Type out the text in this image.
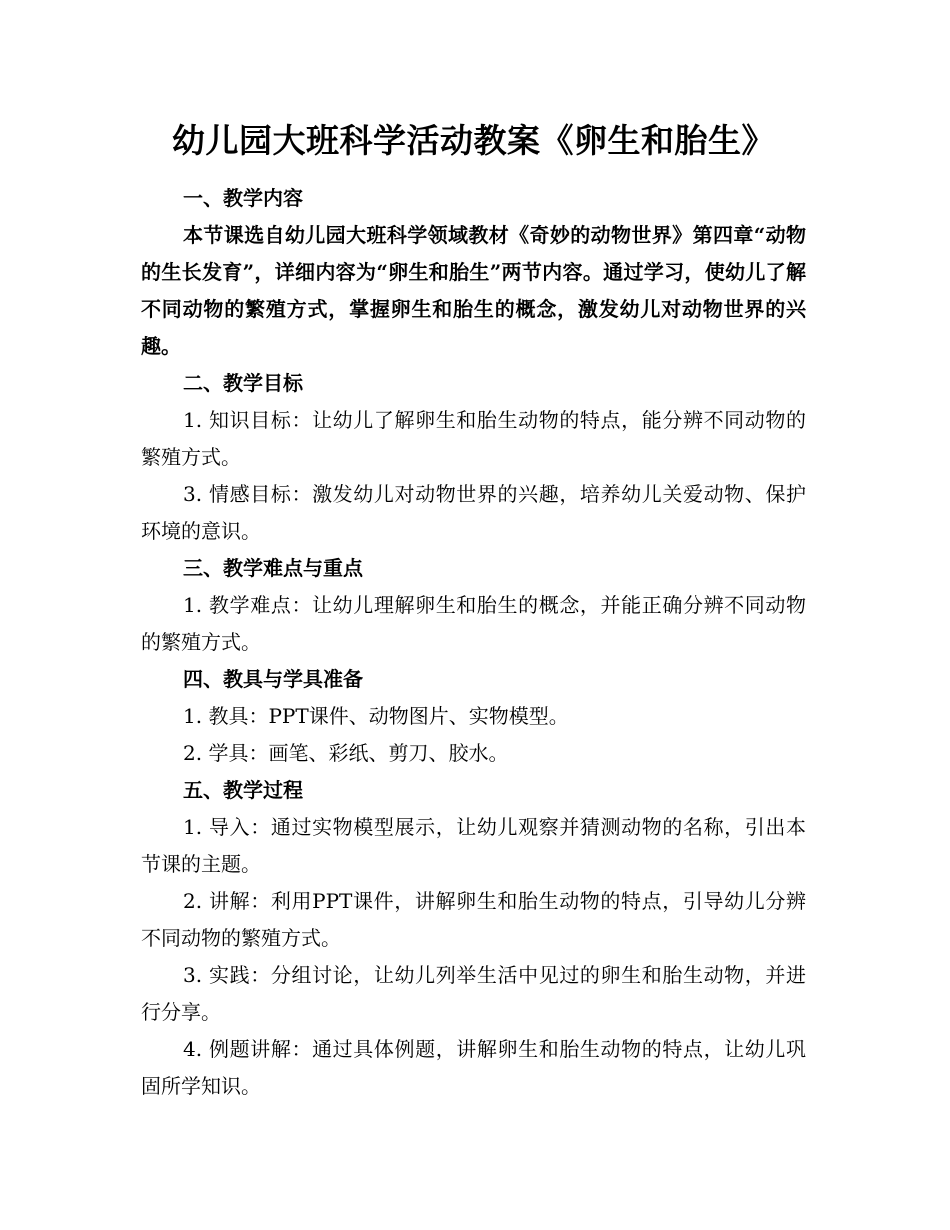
幼儿园大班科学活动教案《卵生和胎生》

一、教学内容

本节课选自幼儿园大班科学领域教材《奇妙的动物世界》第四章“动物的生长发育”，详细内容为“卵生和胎生”两节内容。通过学习，使幼儿了解不同动物的繁殖方式，掌握卵生和胎生的概念，激发幼儿对动物世界的兴趣。

二、教学目标

1. 知识目标：让幼儿了解卵生和胎生动物的特点，能分辨不同动物的繁殖方式。

3. 情感目标：激发幼儿对动物世界的兴趣，培养幼儿关爱动物、保护环境的意识。

三、教学难点与重点

1. 教学难点：让幼儿理解卵生和胎生的概念，并能正确分辨不同动物的繁殖方式。

四、教具与学具准备

1. 教具：PPT课件、动物图片、实物模型。

2. 学具：画笔、彩纸、剪刀、胶水。

五、教学过程

1. 导入：通过实物模型展示，让幼儿观察并猜测动物的名称，引出本节课的主题。

2. 讲解：利用PPT课件，讲解卵生和胎生动物的特点，引导幼儿分辨不同动物的繁殖方式。

3. 实践：分组讨论，让幼儿列举生活中见过的卵生和胎生动物，并进行分享。

4. 例题讲解：通过具体例题，讲解卵生和胎生动物的特点，让幼儿巩固所学知识。
